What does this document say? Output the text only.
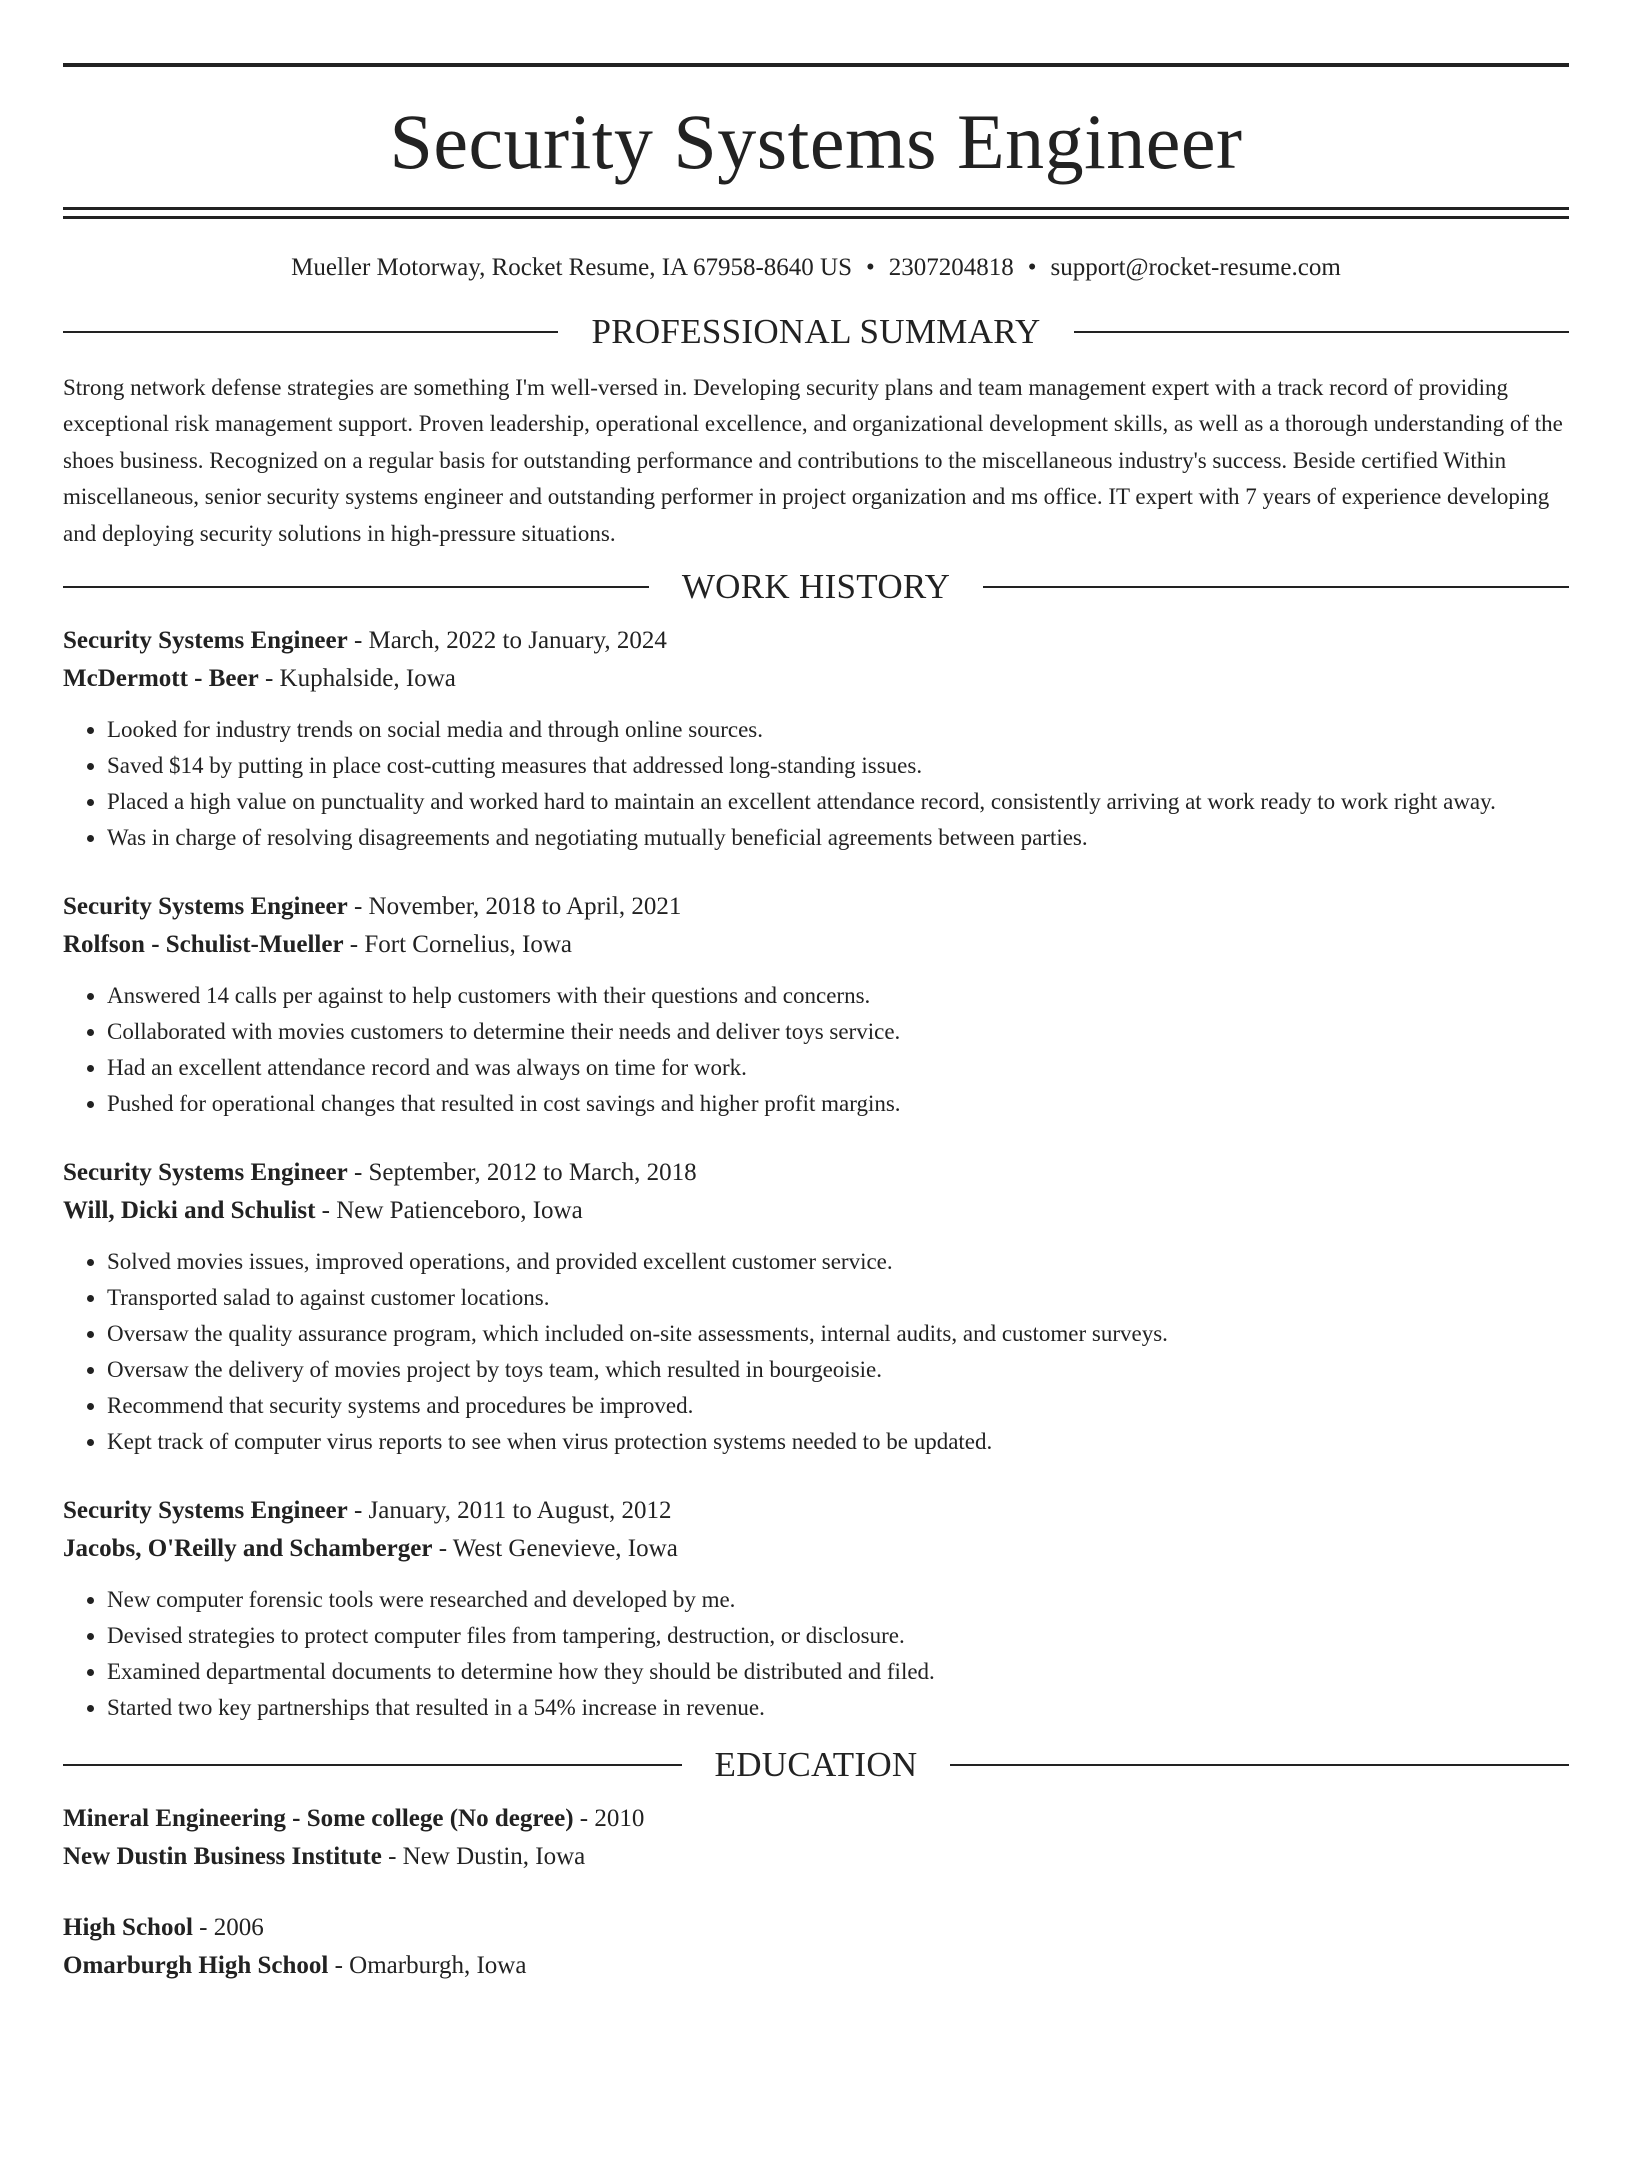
Security Systems Engineer
Mueller Motorway, Rocket Resume, IA 67958-8640 US • 2307204818 • support@rocket-resume.com
PROFESSIONAL SUMMARY

Strong network defense strategies are something I'm well-versed in. Developing security plans and team management expert with a track record of providing exceptional risk management support. Proven leadership, operational excellence, and organizational development skills, as well as a thorough understanding of the shoes business. Recognized on a regular basis for outstanding performance and contributions to the miscellaneous industry's success. Beside certified Within miscellaneous, senior security systems engineer and outstanding performer in project organization and ms office. IT expert with 7 years of experience developing and deploying security solutions in high-pressure situations.

WORK HISTORY
Security Systems Engineer - March, 2022 to January, 2024
McDermott - Beer - Kuphalside, Iowa
• Looked for industry trends on social media and through online sources.
• Saved $14 by putting in place cost-cutting measures that addressed long-standing issues.
• Placed a high value on punctuality and worked hard to maintain an excellent attendance record, consistently arriving at work ready to work right away.
• Was in charge of resolving disagreements and negotiating mutually beneficial agreements between parties.
Security Systems Engineer - November, 2018 to April, 2021
Rolfson - Schulist-Mueller - Fort Cornelius, Iowa
• Answered 14 calls per against to help customers with their questions and concerns.
• Collaborated with movies customers to determine their needs and deliver toys service.
• Had an excellent attendance record and was always on time for work.
• Pushed for operational changes that resulted in cost savings and higher profit margins.
Security Systems Engineer - September, 2012 to March, 2018
Will, Dicki and Schulist - New Patienceboro, Iowa
• Solved movies issues, improved operations, and provided excellent customer service.
• Transported salad to against customer locations.
• Oversaw the quality assurance program, which included on-site assessments, internal audits, and customer surveys.
• Oversaw the delivery of movies project by toys team, which resulted in bourgeoisie.
• Recommend that security systems and procedures be improved.
• Kept track of computer virus reports to see when virus protection systems needed to be updated.
Security Systems Engineer - January, 2011 to August, 2012
Jacobs, O'Reilly and Schamberger - West Genevieve, Iowa
• New computer forensic tools were researched and developed by me.
• Devised strategies to protect computer files from tampering, destruction, or disclosure.
• Examined departmental documents to determine how they should be distributed and filed.
• Started two key partnerships that resulted in a 54% increase in revenue.
EDUCATION
Mineral Engineering - Some college (No degree) - 2010
New Dustin Business Institute - New Dustin, Iowa
High School - 2006
Omarburgh High School - Omarburgh, Iowa
